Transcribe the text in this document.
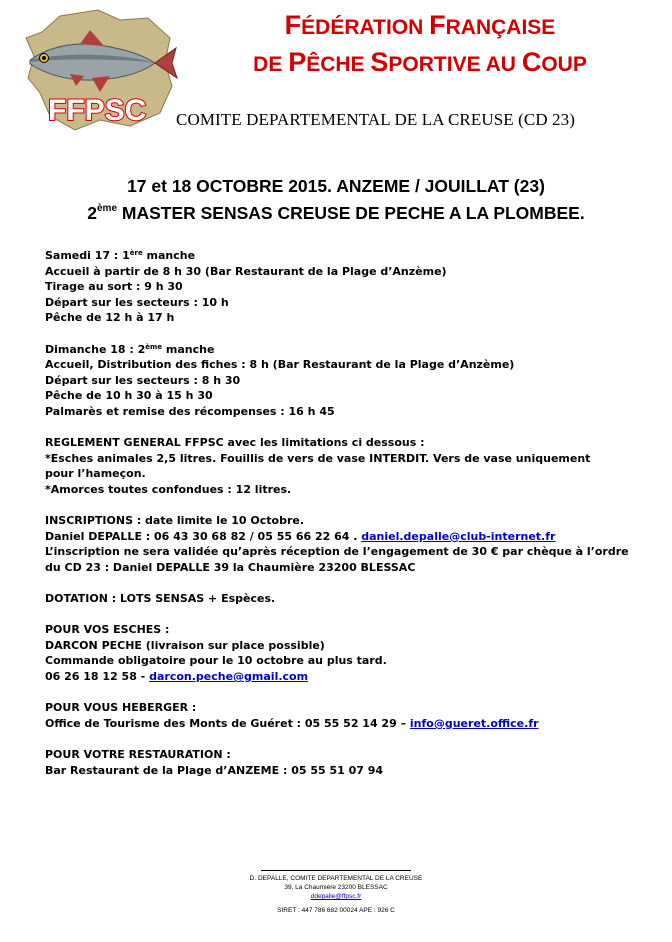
FFPSC
FÉDÉRATION FRANÇAISE
DE PÊCHE SPORTIVE AU COUP
COMITE DEPARTEMENTAL DE LA CREUSE (CD 23)
17 et 18 OCTOBRE 2015. ANZEME / JOUILLAT (23)
2ème MASTER SENSAS CREUSE DE PECHE A LA PLOMBEE.
Samedi 17 : 1ère manche
Accueil à partir de 8 h 30 (Bar Restaurant de la Plage d’Anzème)
Tirage au sort : 9 h 30
Départ sur les secteurs : 10 h
Pêche de 12 h à 17 h
Dimanche 18 : 2ème manche
Accueil, Distribution des fiches : 8 h (Bar Restaurant de la Plage d’Anzème)
Départ sur les secteurs : 8 h 30
Pêche de 10 h 30 à 15 h 30
Palmarès et remise des récompenses : 16 h 45
REGLEMENT GENERAL FFPSC avec les limitations ci dessous :
*Esches animales 2,5 litres. Fouillis de vers de vase INTERDIT. Vers de vase uniquement pour l’hameçon.
*Amorces toutes confondues : 12 litres.
INSCRIPTIONS : date limite le 10 Octobre.
Daniel DEPALLE : 06 43 30 68 82 / 05 55 66 22 64 . daniel.depalle@club-internet.fr
L’inscription ne sera validée qu’après réception de l’engagement de 30 € par chèque à l’ordre du CD 23 : Daniel DEPALLE 39 la Chaumière 23200 BLESSAC
DOTATION : LOTS SENSAS + Espèces.
POUR VOS ESCHES :
DARCON PECHE (livraison sur place possible)
Commande obligatoire pour le 10 octobre au plus tard.
06 26 18 12 58 - darcon.peche@gmail.com
POUR VOUS HEBERGER :
Office de Tourisme des Monts de Guéret : 05 55 52 14 29 – info@gueret.office.fr
POUR VOTRE RESTAURATION :
Bar Restaurant de la Plage d’ANZEME : 05 55 51 07 94
D. DEPALLE, COMITE DEPARTEMENTAL DE LA CREUSE
39, La Chaumière 23200 BLESSAC
ddepalle@ffpsc.fr
SIRET : 447 786 682 00024 APE : 926 C
